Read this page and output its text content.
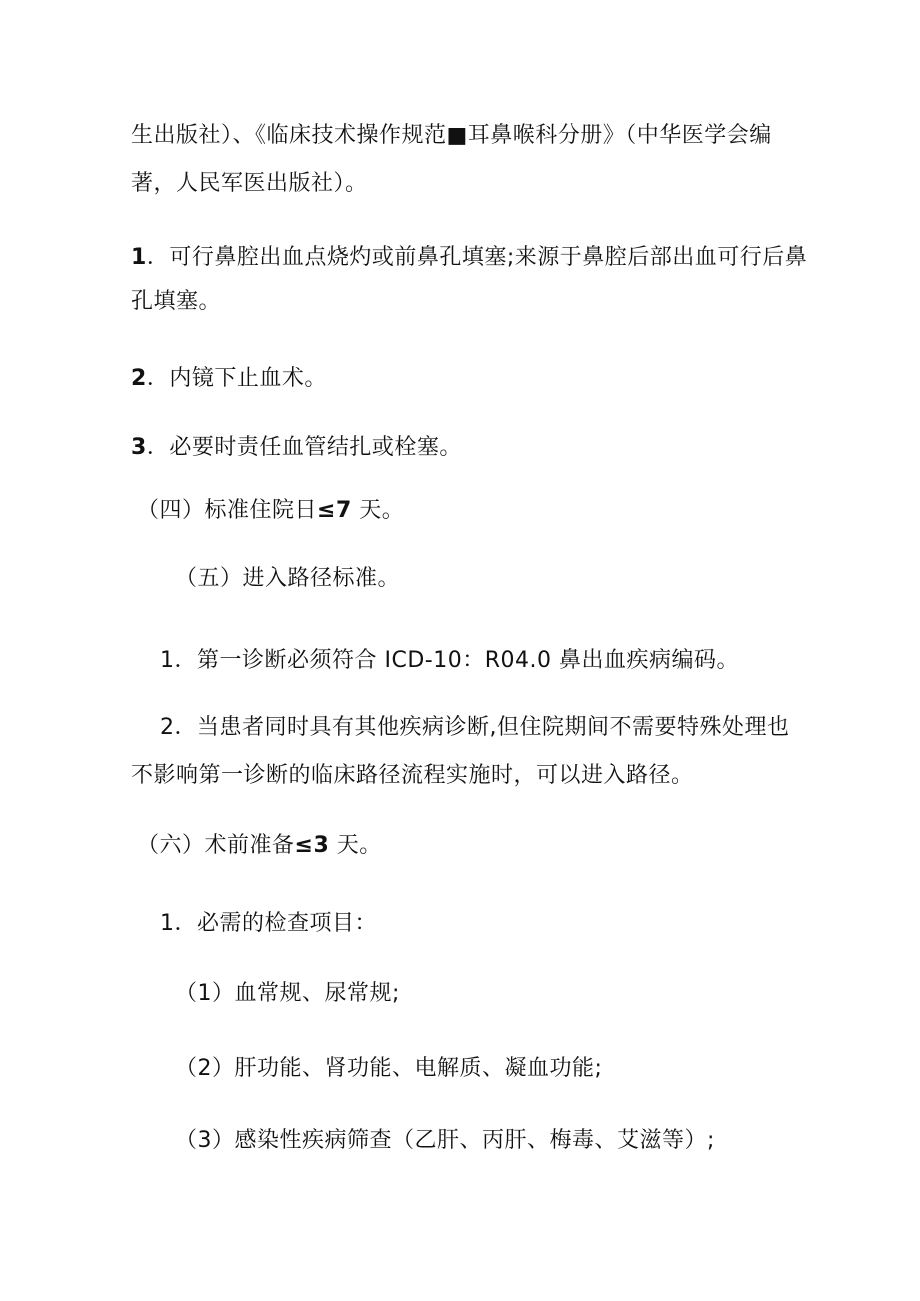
生出版社）、《临床技术操作规范■耳鼻喉科分册》（中华医学会编
著，人民军医出版社）。
1．可行鼻腔出血点烧灼或前鼻孔填塞;来源于鼻腔后部出血可行后鼻
孔填塞。
2．内镜下止血术。
3．必要时责任血管结扎或栓塞。
（四）标准住院日≤7 天。
（五）进入路径标准。
1．第一诊断必须符合 ICD-10：R04.0 鼻出血疾病编码。
2．当患者同时具有其他疾病诊断,但住院期间不需要特殊处理也
不影响第一诊断的临床路径流程实施时，可以进入路径。
（六）术前准备≤3 天。
1．必需的检查项目：
（1）血常规、尿常规;
（2）肝功能、肾功能、电解质、凝血功能;
（3）感染性疾病筛查（乙肝、丙肝、梅毒、艾滋等）;
